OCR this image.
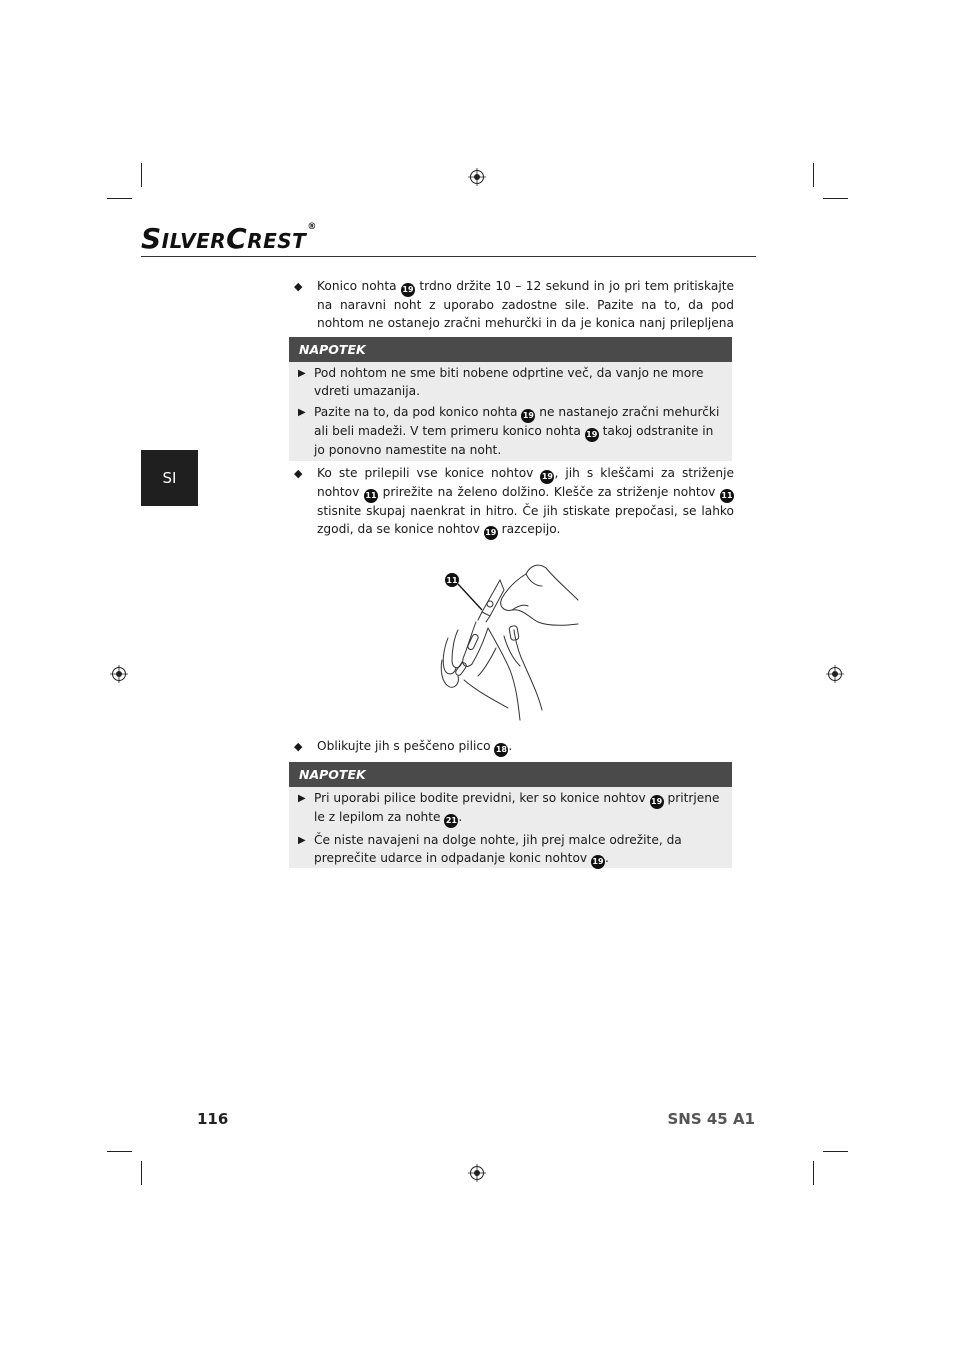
SILVERCREST®
SI
◆ Konico nohta 19 trdno držite 10 – 12 sekund in jo pri tem pritiskajte na naravni noht z uporabo zadostne sile. Pazite na to, da pod nohtom ne ostanejo zračni mehurčki in da je konica nanj prilepljena
NAPOTEK
▶ Pod nohtom ne sme biti nobene odprtine več, da vanjo ne more vdreti umazanija.
▶ Pazite na to, da pod konico nohta 19 ne nastanejo zračni mehurčki ali beli madeži. V tem primeru konico nohta 19 takoj odstranite in jo ponovno namestite na noht.
◆ Ko ste prilepili vse konice nohtov 19, jih s kleščami za striženje nohtov 11 prirežite na želeno dolžino. Klešče za striženje nohtov 11 stisnite skupaj naenkrat in hitro. Če jih stiskate prepočasi, se lahko zgodi, da se konice nohtov 19 razcepijo.
11
◆ Oblikujte jih s peščeno pilico 18.
NAPOTEK
▶ Pri uporabi pilice bodite previdni, ker so konice nohtov 19 pritrjene le z lepilom za nohte 21.
▶ Če niste navajeni na dolge nohte, jih prej malce odrežite, da preprečite udarce in odpadanje konic nohtov 19.
116	SNS 45 A1
